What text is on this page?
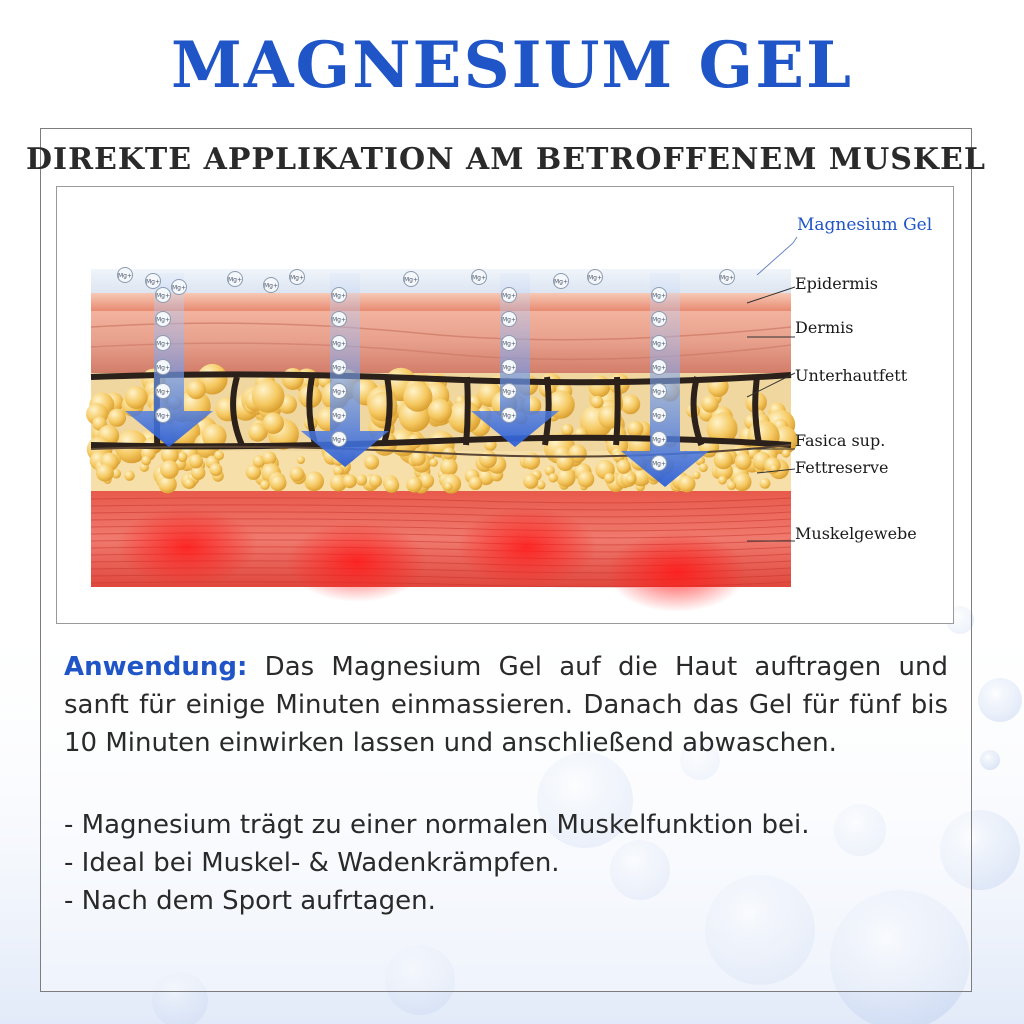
MAGNESIUM GEL
DIREKTE APPLIKATION AM BETROFFENEM MUSKEL
Mg+
Mg+
Mg+
Mg+
Mg+
Mg+	Mg+	Mg+
Mg+
Mg+	Mg+
Mg+
Mg+
Mg+
Mg+
Mg+
Mg+
Mg+
Mg+
Mg+
Mg+
Mg+
Mg+
Mg+
Mg+
Mg+
Mg+
Mg+
Mg+
Mg+
Mg+
Mg+
Mg+
Mg+
Mg+
Mg+
Mg+
Mg+
Magnesium Gel
Epidermis
Dermis
Unterhautfett
Fasica sup.
Fettreserve
Muskelgewebe

Anwendung: Das Magnesium Gel auf die Haut auftragen und sanft für einige Minuten einmassieren. Danach das Gel für fünf bis 10 Minuten einwirken lassen und anschließend abwaschen.

- Magnesium trägt zu einer normalen Muskelfunktion bei.
- Ideal bei Muskel- & Wadenkrämpfen.
- Nach dem Sport aufrtagen.
